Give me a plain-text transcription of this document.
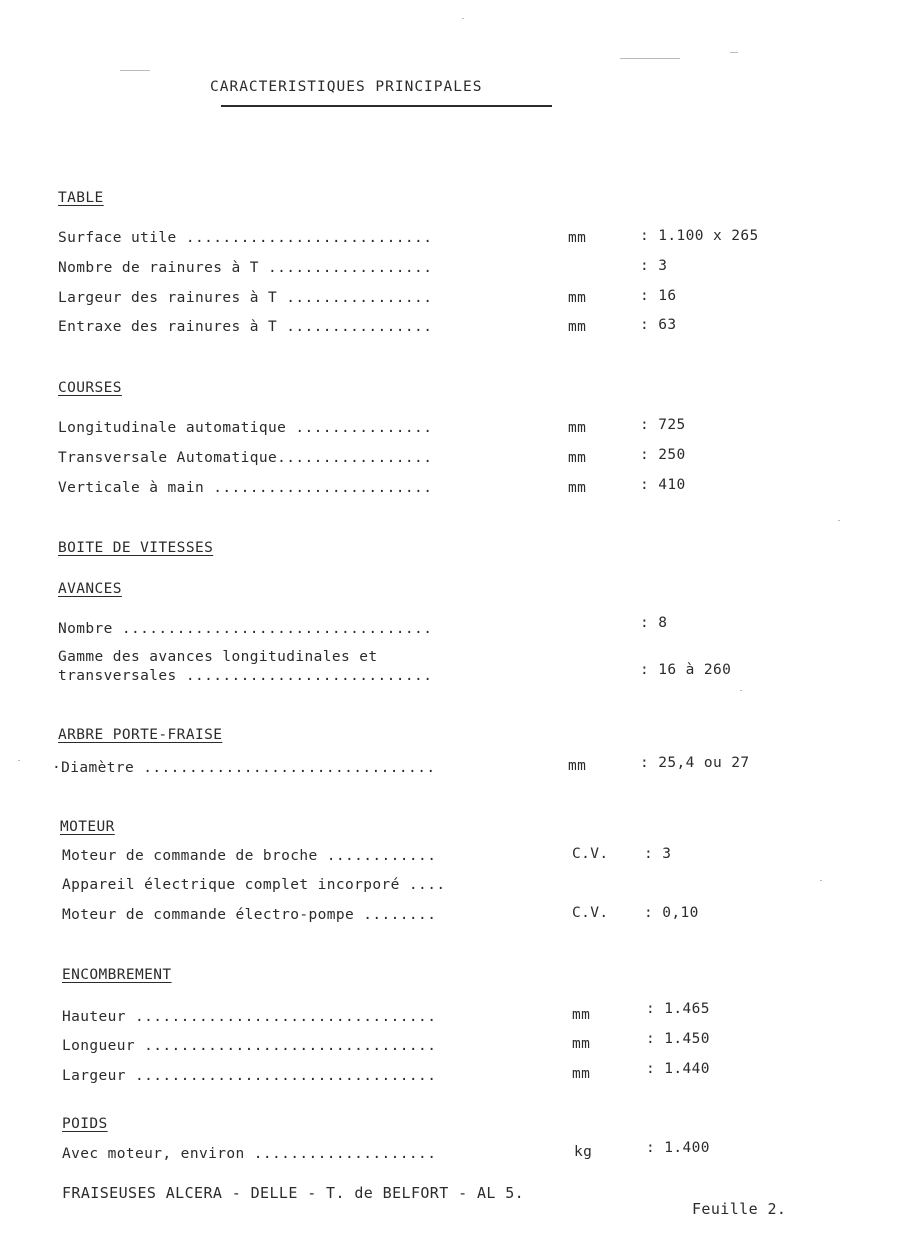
CARACTERISTIQUES PRINCIPALES
TABLE
Surface utile ...........................	mm	: 1.100 x 265
Nombre de rainures à T ..................	: 3
Largeur des rainures à T ................	mm	: 16
Entraxe des rainures à T ................	mm	: 63
COURSES
Longitudinale automatique ...............	mm	: 725
Transversale Automatique.................	mm	: 250
Verticale à main ........................	mm	: 410
BOITE DE VITESSES
AVANCES
Nombre ..................................	: 8
Gamme des avances longitudinales et
transversales ...........................	: 16 à 260
ARBRE PORTE-FRAISE
·Diamètre ................................	mm	: 25,4 ou 27
MOTEUR
Moteur de commande de broche ............	C.V. : 3
Appareil électrique complet incorporé ....
Moteur de commande électro-pompe ........	C.V. : 0,10
ENCOMBREMENT
Hauteur .................................	mm	: 1.465
Longueur ................................	mm	: 1.450
Largeur .................................	mm	: 1.440
POIDS
Avec moteur, environ ....................	kg	: 1.400
FRAISEUSES ALCERA - DELLE - T. de BELFORT - AL 5.
Feuille 2.
